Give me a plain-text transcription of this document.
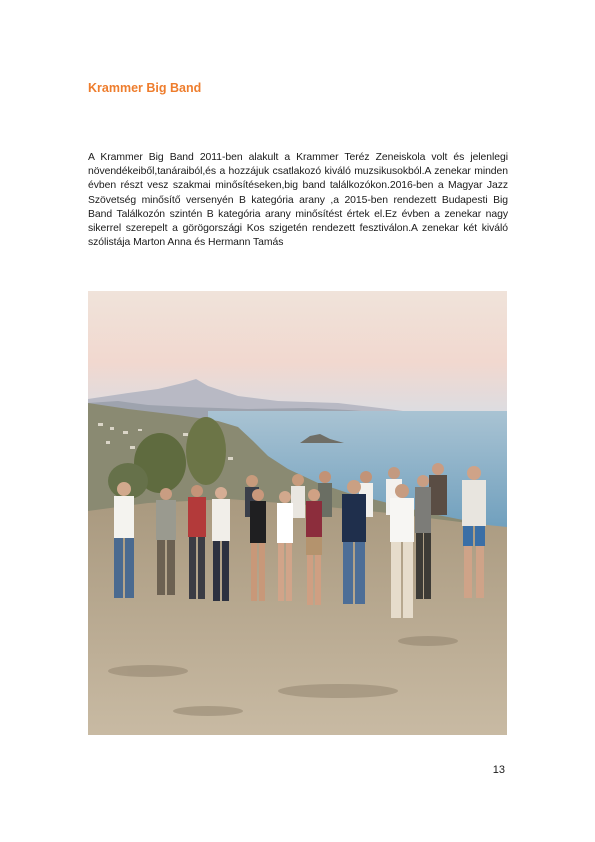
Krammer Big Band

A Krammer Big Band 2011-ben alakult a Krammer Teréz Zeneiskola volt és jelenlegi növendékeiből,tanáraiból,és a hozzájuk csatlakozó kiváló muzsikusokból.A zenekar minden évben részt vesz szakmai minősítéseken,big band találkozókon.2016-ben a Magyar Jazz Szövetség minősítő versenyén B kategória arany ,a 2015-ben rendezett Budapesti Big Band Találkozón szintén B kategória arany minősítést értek el.Ez évben a zenekar nagy sikerrel szerepelt a görögországi Kos szigetén rendezett fesztiválon.A zenekar két kiváló szólistája Marton Anna és Hermann Tamás

13
